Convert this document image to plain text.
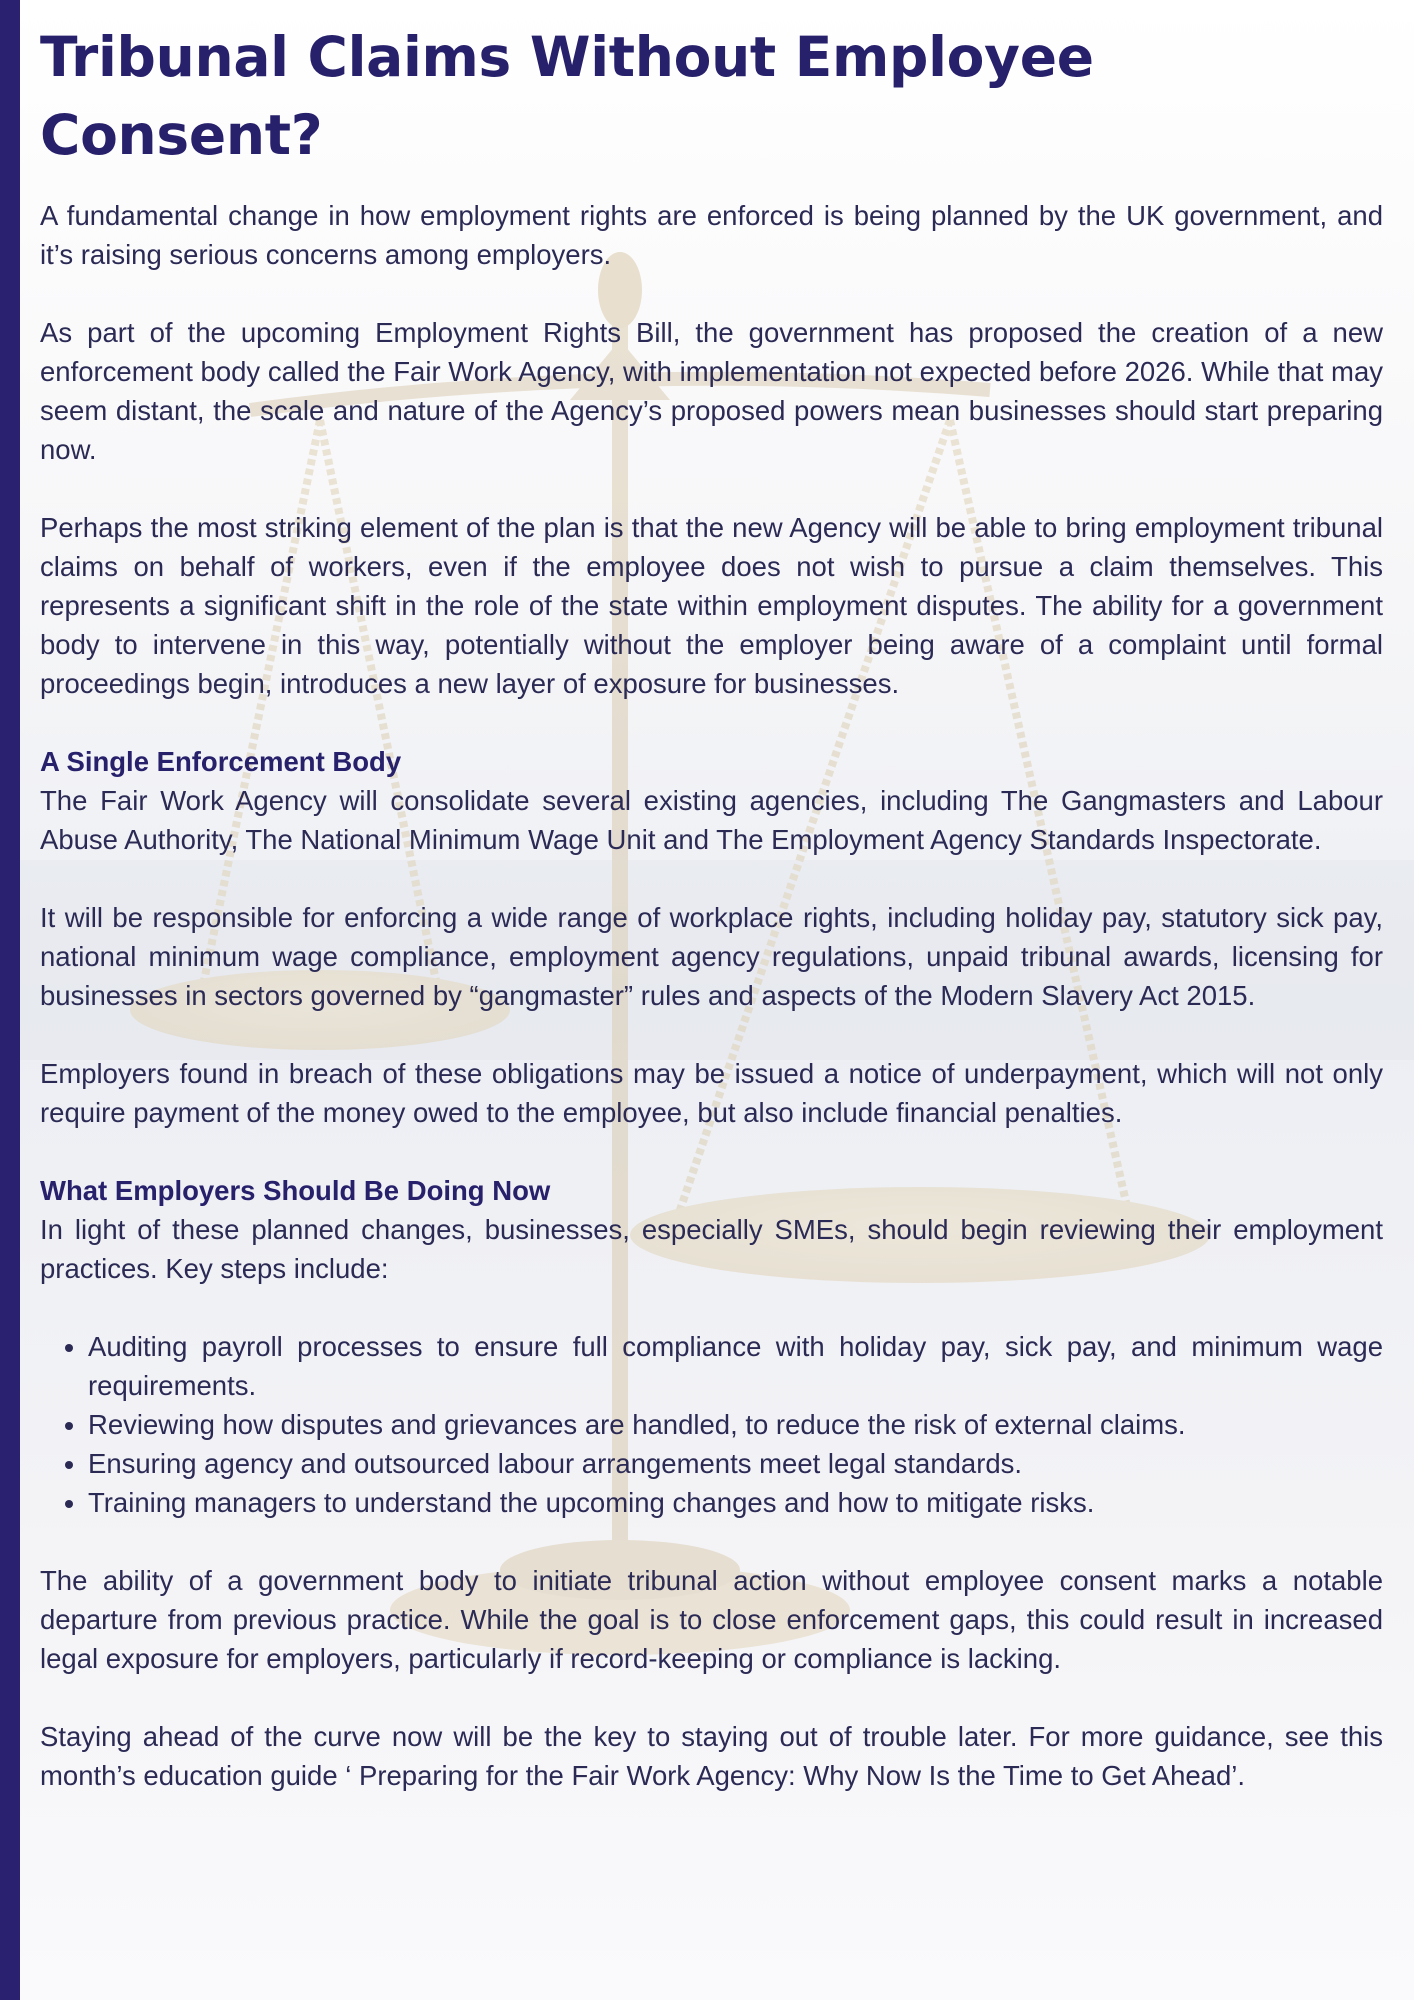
Tribunal Claims Without Employee Consent?

A fundamental change in how employment rights are enforced is being planned by the UK government, and it’s raising serious concerns among employers.

As part of the upcoming Employment Rights Bill, the government has proposed the creation of a new enforcement body called the Fair Work Agency, with implementation not expected before 2026. While that may seem distant, the scale and nature of the Agency’s proposed powers mean businesses should start preparing now.

Perhaps the most striking element of the plan is that the new Agency will be able to bring employment tribunal claims on behalf of workers, even if the employee does not wish to pursue a claim themselves. This represents a significant shift in the role of the state within employment disputes. The ability for a government body to intervene in this way, potentially without the employer being aware of a complaint until formal proceedings begin, introduces a new layer of exposure for businesses.

A Single Enforcement Body

The Fair Work Agency will consolidate several existing agencies, including The Gangmasters and Labour Abuse Authority, The National Minimum Wage Unit and The Employment Agency Standards Inspectorate.

It will be responsible for enforcing a wide range of workplace rights, including holiday pay, statutory sick pay, national minimum wage compliance, employment agency regulations, unpaid tribunal awards, licensing for businesses in sectors governed by “gangmaster” rules and aspects of the Modern Slavery Act 2015.

Employers found in breach of these obligations may be issued a notice of underpayment, which will not only require payment of the money owed to the employee, but also include financial penalties.

What Employers Should Be Doing Now

In light of these planned changes, businesses, especially SMEs, should begin reviewing their employment practices. Key steps include:

• Auditing payroll processes to ensure full compliance with holiday pay, sick pay, and minimum wage requirements.
• Reviewing how disputes and grievances are handled, to reduce the risk of external claims.
• Ensuring agency and outsourced labour arrangements meet legal standards.
• Training managers to understand the upcoming changes and how to mitigate risks.

The ability of a government body to initiate tribunal action without employee consent marks a notable departure from previous practice. While the goal is to close enforcement gaps, this could result in increased legal exposure for employers, particularly if record-keeping or compliance is lacking.

Staying ahead of the curve now will be the key to staying out of trouble later. For more guidance, see this month’s education guide ‘ Preparing for the Fair Work Agency: Why Now Is the Time to Get Ahead’.
